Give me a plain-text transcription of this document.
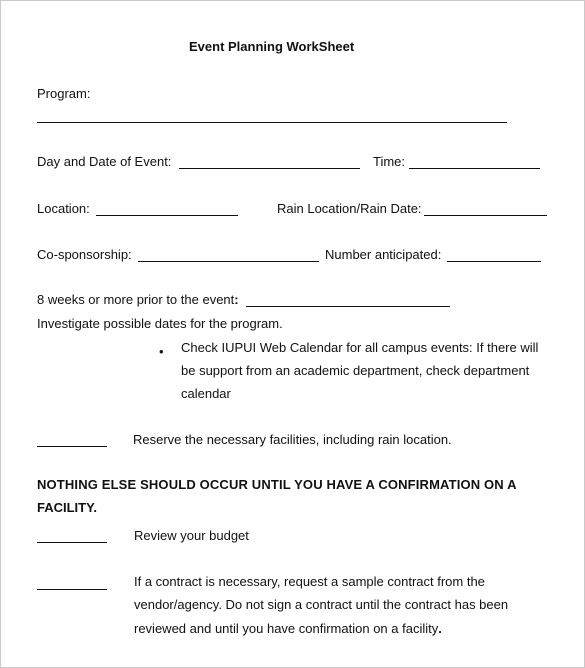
Event Planning WorkSheet
Program:
Day and Date of Event:	Time:
Location:	Rain Location/Rain Date:
Co-sponsorship:	Number anticipated:
8 weeks or more prior to the event:
Investigate possible dates for the program.
• Check IUPUI Web Calendar for all campus events: If there will
be support from an academic department, check department
calendar
Reserve the necessary facilities, including rain location.
NOTHING ELSE SHOULD OCCUR UNTIL YOU HAVE A CONFIRMATION ON A
FACILITY.
Review your budget
If a contract is necessary, request a sample contract from the
vendor/agency. Do not sign a contract until the contract has been
reviewed and until you have confirmation on a facility.
